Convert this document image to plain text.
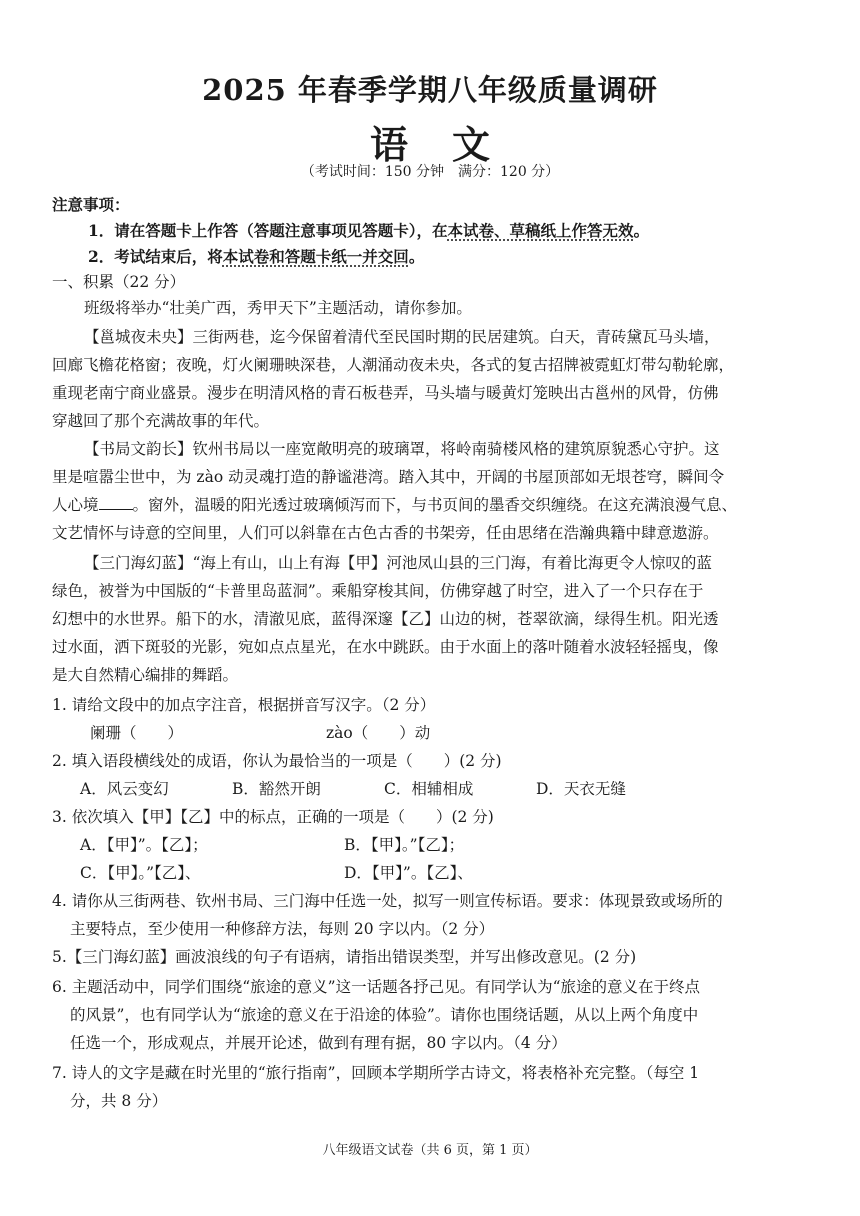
2025 年春季学期八年级质量调研
语文
（考试时间：150 分钟　满分：120 分）
注意事项：
1．请在答题卡上作答（答题注意事项见答题卡），在本试卷、草稿纸上作答无效。
2．考试结束后，将本试卷和答题卡纸一并交回。
一、积累（22 分）
班级将举办“壮美广西，秀甲天下”主题活动，请你参加。
【邕城夜未央】三街两巷，迄今保留着清代至民国时期的民居建筑。白天，青砖黛瓦马头墙，
回廊飞檐花格窗；夜晚，灯火阑珊映深巷，人潮涌动夜未央，各式的复古招牌被霓虹灯带勾勒轮廓，
重现老南宁商业盛景。漫步在明清风格的青石板巷弄，马头墙与暖黄灯笼映出古邕州的风骨，仿佛
穿越回了那个充满故事的年代。
【书局文韵长】钦州书局以一座宽敞明亮的玻璃罩，将岭南骑楼风格的建筑原貌悉心守护。这
里是喧嚣尘世中，为 zào 动灵魂打造的静谧港湾。踏入其中，开阔的书屋顶部如无垠苍穹，瞬间令
人心境 。窗外，温暖的阳光透过玻璃倾泻而下，与书页间的墨香交织缠绕。在这充满浪漫气息、
文艺情怀与诗意的空间里，人们可以斜靠在古色古香的书架旁，任由思绪在浩瀚典籍中肆意遨游。
【三门海幻蓝】“海上有山，山上有海【甲】河池凤山县的三门海，有着比海更令人惊叹的蓝
绿色，被誉为中国版的“卡普里岛蓝洞”。乘船穿梭其间，仿佛穿越了时空，进入了一个只存在于
幻想中的水世界。船下的水，清澈见底，蓝得深邃【乙】山边的树，苍翠欲滴，绿得生机。阳光透
过水面，洒下斑驳的光影，宛如点点星光，在水中跳跃。由于水面上的落叶随着水波轻轻摇曳，像
是大自然精心编排的舞蹈。
1. 请给文段中的加点字注音，根据拼音写汉字。（2 分）
阑珊（　　）	zào（　　）动
2. 填入语段横线处的成语，你认为最恰当的一项是（　　）(2 分)
A．风云变幻	B．豁然开朗	C．相辅相成	D．天衣无缝
3. 依次填入【甲】【乙】中的标点，正确的一项是（　　）(2 分)
A．【甲】”。【乙】；	B．【甲】。”【乙】；
C．【甲】。”【乙】、	D．【甲】”。【乙】、
4. 请你从三街两巷、钦州书局、三门海中任选一处，拟写一则宣传标语。要求：体现景致或场所的
主要特点，至少使用一种修辞方法，每则 20 字以内。（2 分）
5.【三门海幻蓝】画波浪线的句子有语病，请指出错误类型，并写出修改意见。(2 分)
6. 主题活动中，同学们围绕“旅途的意义”这一话题各抒己见。有同学认为“旅途的意义在于终点
的风景”，也有同学认为“旅途的意义在于沿途的体验”。请你也围绕话题，从以上两个角度中
任选一个，形成观点，并展开论述，做到有理有据，80 字以内。（4 分）
7. 诗人的文字是藏在时光里的“旅行指南”，回顾本学期所学古诗文，将表格补充完整。（每空 1
分，共 8 分）
八年级语文试卷（共 6 页，第 1 页）
